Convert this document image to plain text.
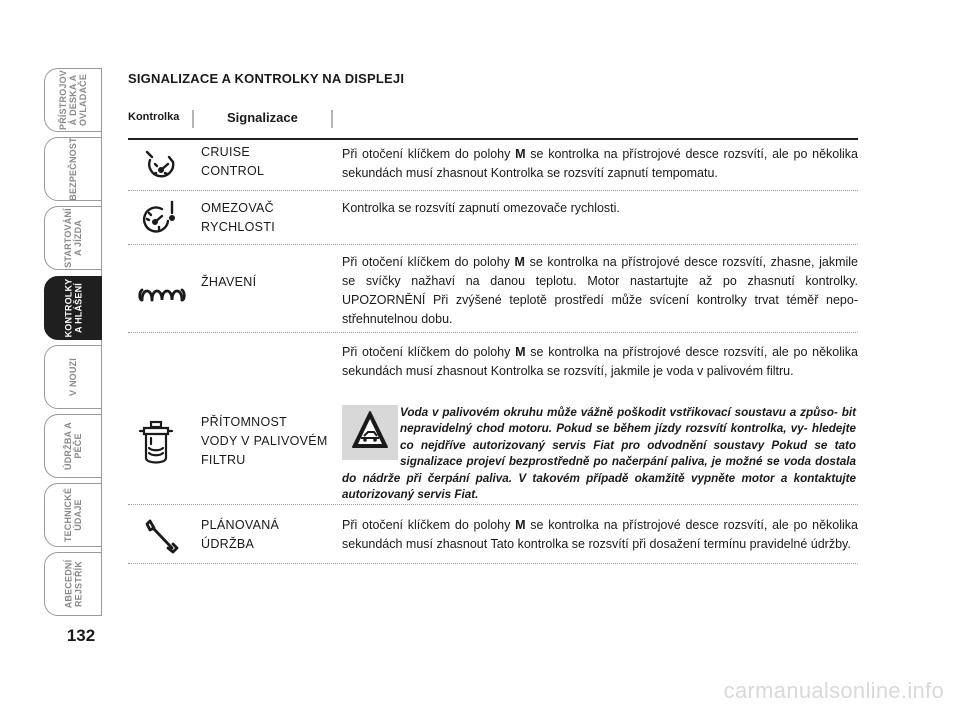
PŘÍSTROJOV
Á DESKA A
OVLADAČE
BEZPEČNOST
STARTOVÁNÍ
A JÍZDA
KONTROLKY
A HLÁŠENÍ
V NOUZI
ÚDRŽBA A
PÉČE
TECHNICKÉ
ÚDAJE
ABECEDNÍ
REJSTŘÍK
132
SIGNALIZACE A KONTROLKY NA DISPLEJI
Kontrolka	Signalizace
CRUISE
CONTROL
OMEZOVAČ
RYCHLOSTI
ŽHAVENÍ
PŘÍTOMNOST
VODY V PALIVOVÉM
FILTRU
PLÁNOVANÁ
ÚDRŽBA
Při otočení klíčkem do polohy M se kontrolka na přístrojové desce rozsvítí, ale po několika sekundách musí zhasnout Kontrolka se rozsvítí zapnutí tempomatu.
Kontrolka se rozsvítí zapnutí omezovače rychlosti.
Při otočení klíčkem do polohy M se kontrolka na přístrojové desce rozsvítí, zhasne, jakmile se svíčky nažhaví na danou teplotu. Motor nastartujte až po zhasnutí kontrolky. UPOZORNĚNÍ Při zvýšené teplotě prostředí může svícení kontrolky trvat téměř nepo- střehnutelnou dobu.
Při otočení klíčkem do polohy M se kontrolka na přístrojové desce rozsvítí, ale po několika sekundách musí zhasnout Kontrolka se rozsvítí, jakmile je voda v palivovém filtru.
Při otočení klíčkem do polohy M se kontrolka na přístrojové desce rozsvítí, ale po několika sekundách musí zhasnout Tato kontrolka se rozsvítí při dosažení termínu pravidelné údržby.
Voda v palivovém okruhu může vážně poškodit vstřikovací soustavu a způso- bit nepravidelný chod motoru. Pokud se během jízdy rozsvítí kontrolka, vy- hledejte co nejdříve autorizovaný servis Fiat pro odvodnění soustavy Pokud se tato signalizace projeví bezprostředně po načerpání paliva, je možné se voda dostala do nádrže při čerpání paliva. V takovém případě okamžitě vypněte motor a kontaktujte autorizovaný servis Fiat.
carmanualsonline.info
